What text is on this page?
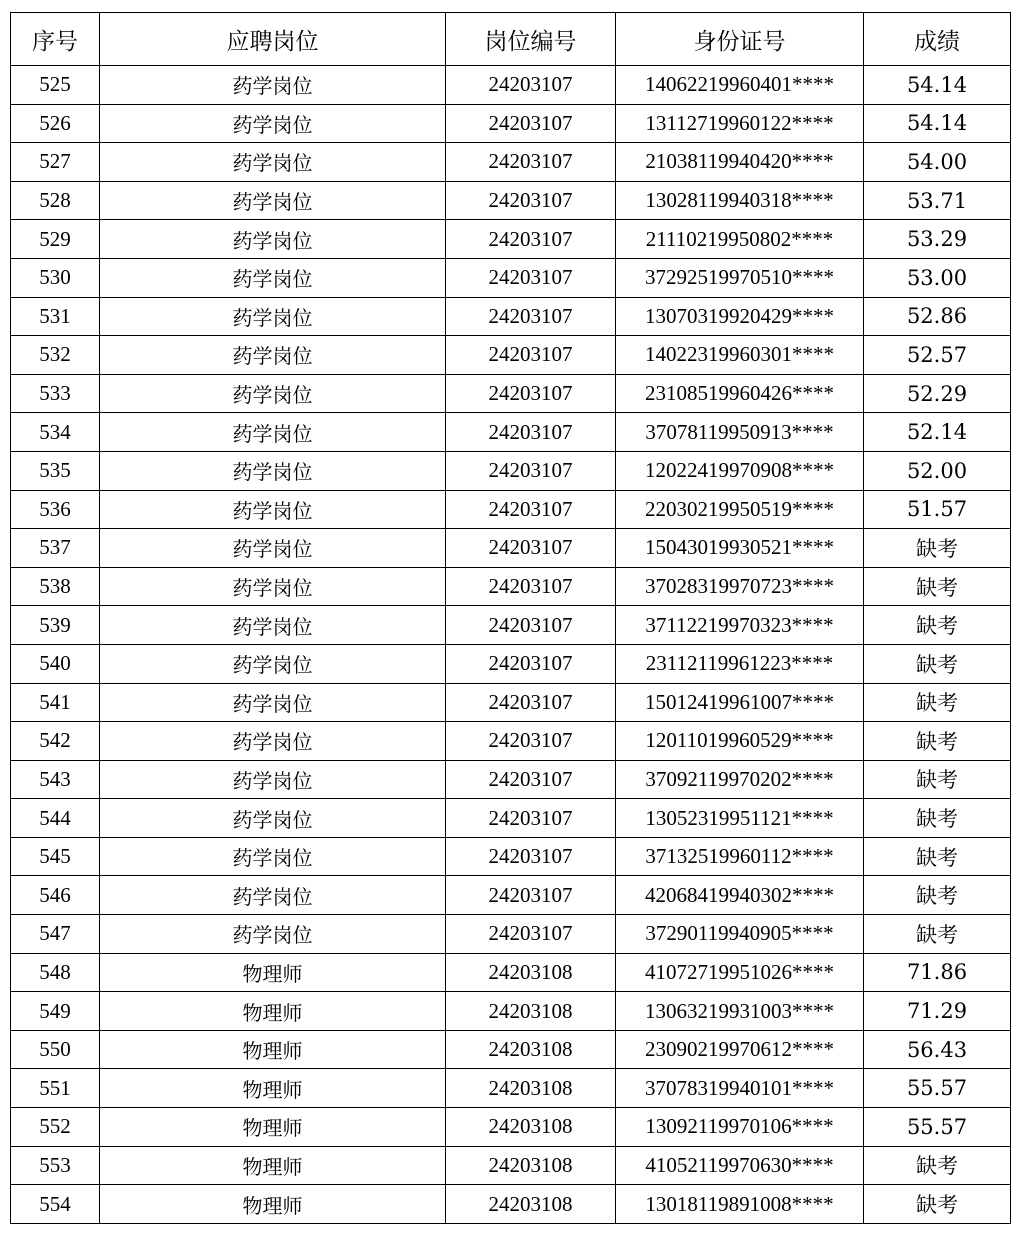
序号	应聘岗位	岗位编号	身份证号	成绩
525	药学岗位	24203107	14062219960401****	54.14
526	药学岗位	24203107	13112719960122****	54.14
527	药学岗位	24203107	21038119940420****	54.00
528	药学岗位	24203107	13028119940318****	53.71
529	药学岗位	24203107	21110219950802****	53.29
530	药学岗位	24203107	37292519970510****	53.00
531	药学岗位	24203107	13070319920429****	52.86
532	药学岗位	24203107	14022319960301****	52.57
533	药学岗位	24203107	23108519960426****	52.29
534	药学岗位	24203107	37078119950913****	52.14
535	药学岗位	24203107	12022419970908****	52.00
536	药学岗位	24203107	22030219950519****	51.57
537	药学岗位	24203107	15043019930521****	缺考
538	药学岗位	24203107	37028319970723****	缺考
539	药学岗位	24203107	37112219970323****	缺考
540	药学岗位	24203107	23112119961223****	缺考
541	药学岗位	24203107	15012419961007****	缺考
542	药学岗位	24203107	12011019960529****	缺考
543	药学岗位	24203107	37092119970202****	缺考
544	药学岗位	24203107	13052319951121****	缺考
545	药学岗位	24203107	37132519960112****	缺考
546	药学岗位	24203107	42068419940302****	缺考
547	药学岗位	24203107	37290119940905****	缺考
548	物理师	24203108	41072719951026****	71.86
549	物理师	24203108	13063219931003****	71.29
550	物理师	24203108	23090219970612****	56.43
551	物理师	24203108	37078319940101****	55.57
552	物理师	24203108	13092119970106****	55.57
553	物理师	24203108	41052119970630****	缺考
554	物理师	24203108	13018119891008****	缺考
